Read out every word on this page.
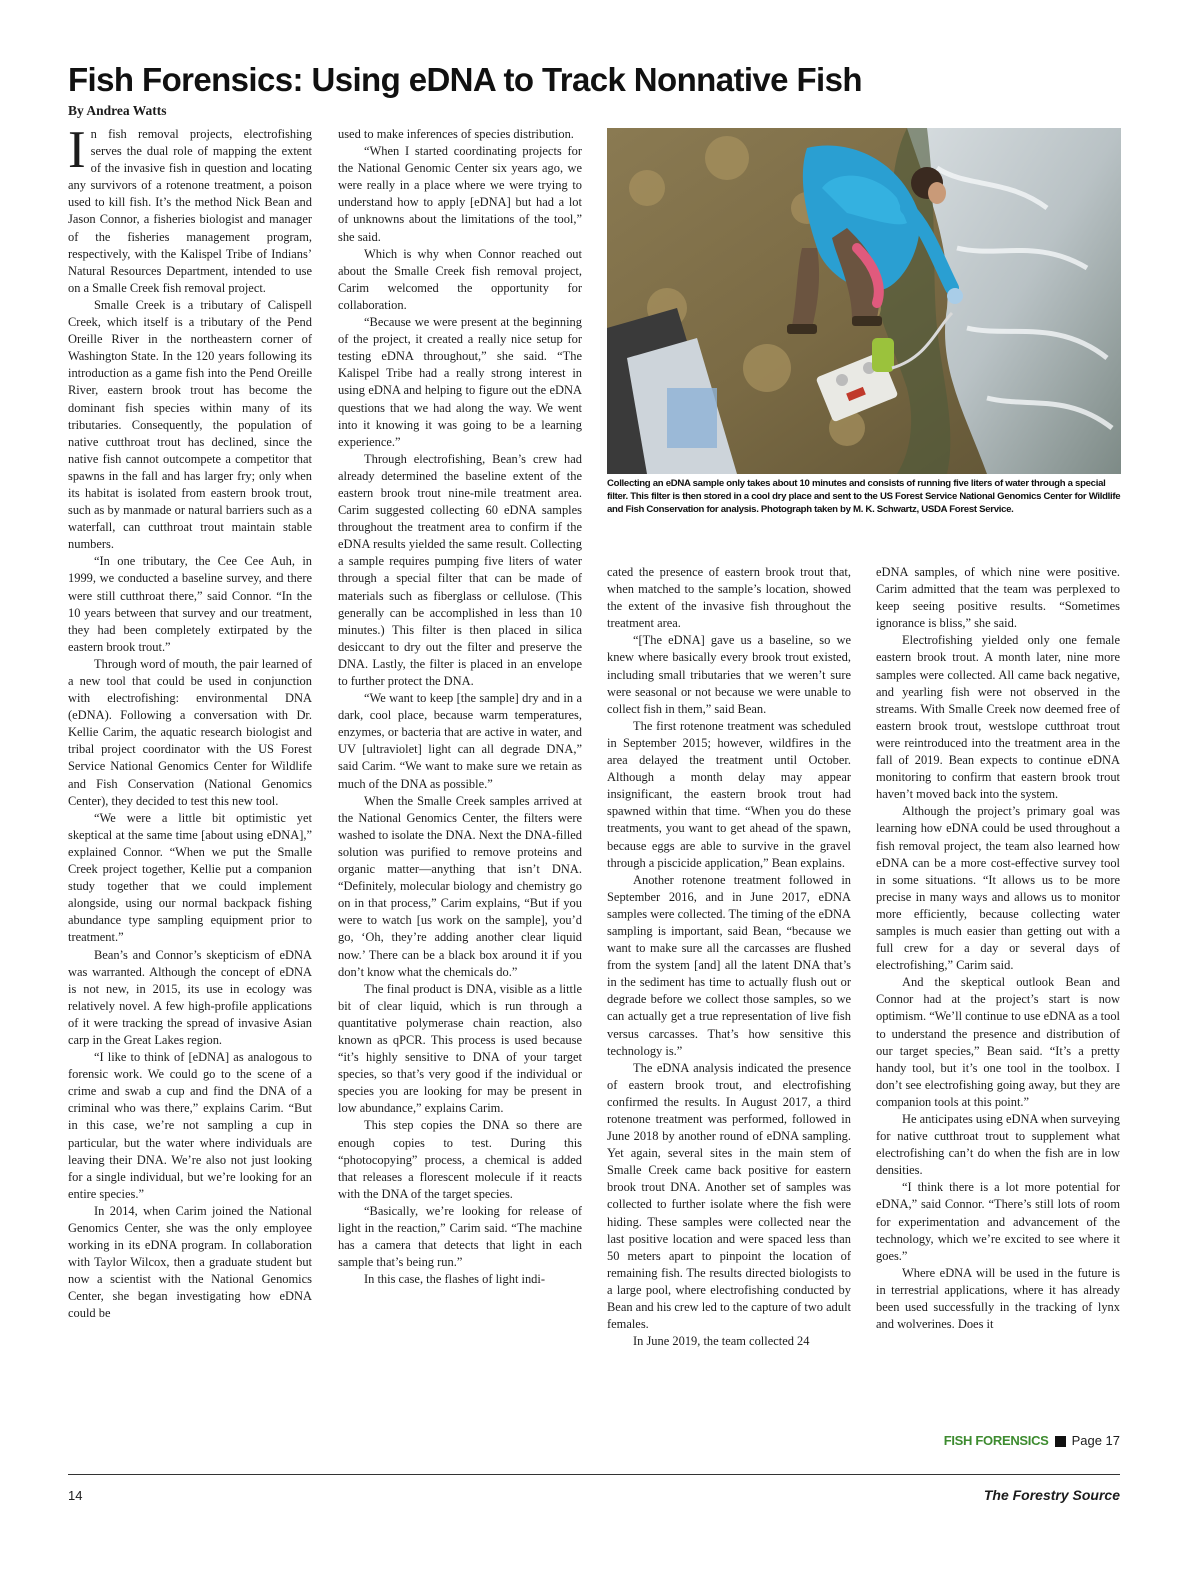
Fish Forensics: Using eDNA to Track Nonnative Fish
By Andrea Watts

In fish removal projects, electrofishing serves the dual role of mapping the extent of the invasive fish in question and locating any survivors of a rotenone treatment, a poison used to kill fish. It’s the method Nick Bean and Jason Connor, a fisheries biologist and manager of the fisheries management program, respectively, with the Kalispel Tribe of Indians’ Natural Resources Department, intended to use on a Smalle Creek fish removal project.

Smalle Creek is a tributary of Calispell Creek, which itself is a tributary of the Pend Oreille River in the northeastern corner of Washington State. In the 120 years following its introduction as a game fish into the Pend Oreille River, eastern brook trout has become the dominant fish species within many of its tributaries. Consequently, the population of native cutthroat trout has declined, since the native fish cannot outcompete a competitor that spawns in the fall and has larger fry; only when its habitat is isolated from eastern brook trout, such as by manmade or natural barriers such as a waterfall, can cutthroat trout maintain stable numbers.

“In one tributary, the Cee Cee Auh, in 1999, we conducted a baseline survey, and there were still cutthroat there,” said Connor. “In the 10 years between that survey and our treatment, they had been completely extirpated by the eastern brook trout.”

Through word of mouth, the pair learned of a new tool that could be used in conjunction with electrofishing: environmental DNA (eDNA). Following a conversation with Dr. Kellie Carim, the aquatic research biologist and tribal project coordinator with the US Forest Service National Genomics Center for Wildlife and Fish Conservation (National Genomics Center), they decided to test this new tool.

“We were a little bit optimistic yet skeptical at the same time [about using eDNA],” explained Connor. “When we put the Smalle Creek project together, Kellie put a companion study together that we could implement alongside, using our normal backpack fishing abundance type sampling equipment prior to treatment.”

Bean’s and Connor’s skepticism of eDNA was warranted. Although the concept of eDNA is not new, in 2015, its use in ecology was relatively novel. A few high-profile applications of it were tracking the spread of invasive Asian carp in the Great Lakes region.

“I like to think of [eDNA] as analogous to forensic work. We could go to the scene of a crime and swab a cup and find the DNA of a criminal who was there,” explains Carim. “But in this case, we’re not sampling a cup in particular, but the water where individuals are leaving their DNA. We’re also not just looking for a single individual, but we’re looking for an entire species.”

In 2014, when Carim joined the National Genomics Center, she was the only employee working in its eDNA program. In collaboration with Taylor Wilcox, then a graduate student but now a scientist with the National Genomics Center, she began investigating how eDNA could be

used to make inferences of species distribution.

“When I started coordinating projects for the National Genomic Center six years ago, we were really in a place where we were trying to understand how to apply [eDNA] but had a lot of unknowns about the limitations of the tool,” she said.

Which is why when Connor reached out about the Smalle Creek fish removal project, Carim welcomed the opportunity for collaboration.

“Because we were present at the beginning of the project, it created a really nice setup for testing eDNA throughout,” she said. “The Kalispel Tribe had a really strong interest in using eDNA and helping to figure out the eDNA questions that we had along the way. We went into it knowing it was going to be a learning experience.”

Through electrofishing, Bean’s crew had already determined the baseline extent of the eastern brook trout nine-mile treatment area. Carim suggested collecting 60 eDNA samples throughout the treatment area to confirm if the eDNA results yielded the same result. Collecting a sample requires pumping five liters of water through a special filter that can be made of materials such as fiberglass or cellulose. (This generally can be accomplished in less than 10 minutes.) This filter is then placed in silica desiccant to dry out the filter and preserve the DNA. Lastly, the filter is placed in an envelope to further protect the DNA.

“We want to keep [the sample] dry and in a dark, cool place, because warm temperatures, enzymes, or bacteria that are active in water, and UV [ultraviolet] light can all degrade DNA,” said Carim. “We want to make sure we retain as much of the DNA as possible.”

When the Smalle Creek samples arrived at the National Genomics Center, the filters were washed to isolate the DNA. Next the DNA-filled solution was purified to remove proteins and organic matter—anything that isn’t DNA. “Definitely, molecular biology and chemistry go on in that process,” Carim explains, “But if you were to watch [us work on the sample], you’d go, ‘Oh, they’re adding another clear liquid now.’ There can be a black box around it if you don’t know what the chemicals do.”

The final product is DNA, visible as a little bit of clear liquid, which is run through a quantitative polymerase chain reaction, also known as qPCR. This process is used because “it’s highly sensitive to DNA of your target species, so that’s very good if the individual or species you are looking for may be present in low abundance,” explains Carim.

This step copies the DNA so there are enough copies to test. During this “photocopying” process, a chemical is added that releases a florescent molecule if it reacts with the DNA of the target species.

“Basically, we’re looking for release of light in the reaction,” Carim said. “The machine has a camera that detects that light in each sample that’s being run.”

In this case, the flashes of light indi-

Collecting an eDNA sample only takes about 10 minutes and consists of running five liters of water through a special filter. This filter is then stored in a cool dry place and sent to the US Forest Service National Genomics Center for Wildlife and Fish Conservation for analysis. Photograph taken by M. K. Schwartz, USDA Forest Service.

cated the presence of eastern brook trout that, when matched to the sample’s location, showed the extent of the invasive fish throughout the treatment area.

“[The eDNA] gave us a baseline, so we knew where basically every brook trout existed, including small tributaries that we weren’t sure were seasonal or not because we were unable to collect fish in them,” said Bean.

The first rotenone treatment was scheduled in September 2015; however, wildfires in the area delayed the treatment until October. Although a month delay may appear insignificant, the eastern brook trout had spawned within that time. “When you do these treatments, you want to get ahead of the spawn, because eggs are able to survive in the gravel through a piscicide application,” Bean explains.

Another rotenone treatment followed in September 2016, and in June 2017, eDNA samples were collected. The timing of the eDNA sampling is important, said Bean, “because we want to make sure all the carcasses are flushed from the system [and] all the latent DNA that’s in the sediment has time to actually flush out or degrade before we collect those samples, so we can actually get a true representation of live fish versus carcasses. That’s how sensitive this technology is.”

The eDNA analysis indicated the presence of eastern brook trout, and electrofishing confirmed the results. In August 2017, a third rotenone treatment was performed, followed in June 2018 by another round of eDNA sampling. Yet again, several sites in the main stem of Smalle Creek came back positive for eastern brook trout DNA. Another set of samples was collected to further isolate where the fish were hiding. These samples were collected near the last positive location and were spaced less than 50 meters apart to pinpoint the location of remaining fish. The results directed biologists to a large pool, where electrofishing conducted by Bean and his crew led to the capture of two adult females.

In June 2019, the team collected 24

eDNA samples, of which nine were positive. Carim admitted that the team was perplexed to keep seeing positive results. “Sometimes ignorance is bliss,” she said.

Electrofishing yielded only one female eastern brook trout. A month later, nine more samples were collected. All came back negative, and yearling fish were not observed in the streams. With Smalle Creek now deemed free of eastern brook trout, westslope cutthroat trout were reintroduced into the treatment area in the fall of 2019. Bean expects to continue eDNA monitoring to confirm that eastern brook trout haven’t moved back into the system.

Although the project’s primary goal was learning how eDNA could be used throughout a fish removal project, the team also learned how eDNA can be a more cost-effective survey tool in some situations. “It allows us to be more precise in many ways and allows us to monitor more efficiently, because collecting water samples is much easier than getting out with a full crew for a day or several days of electrofishing,” Carim said.

And the skeptical outlook Bean and Connor had at the project’s start is now optimism. “We’ll continue to use eDNA as a tool to understand the presence and distribution of our target species,” Bean said. “It’s a pretty handy tool, but it’s one tool in the toolbox. I don’t see electrofishing going away, but they are companion tools at this point.”

He anticipates using eDNA when surveying for native cutthroat trout to supplement what electrofishing can’t do when the fish are in low densities.

“I think there is a lot more potential for eDNA,” said Connor. “There’s still lots of room for experimentation and advancement of the technology, which we’re excited to see where it goes.”

Where eDNA will be used in the future is in terrestrial applications, where it has already been used successfully in the tracking of lynx and wolverines. Does it

FISH FORENSICS Page 17
14	The Forestry Source
